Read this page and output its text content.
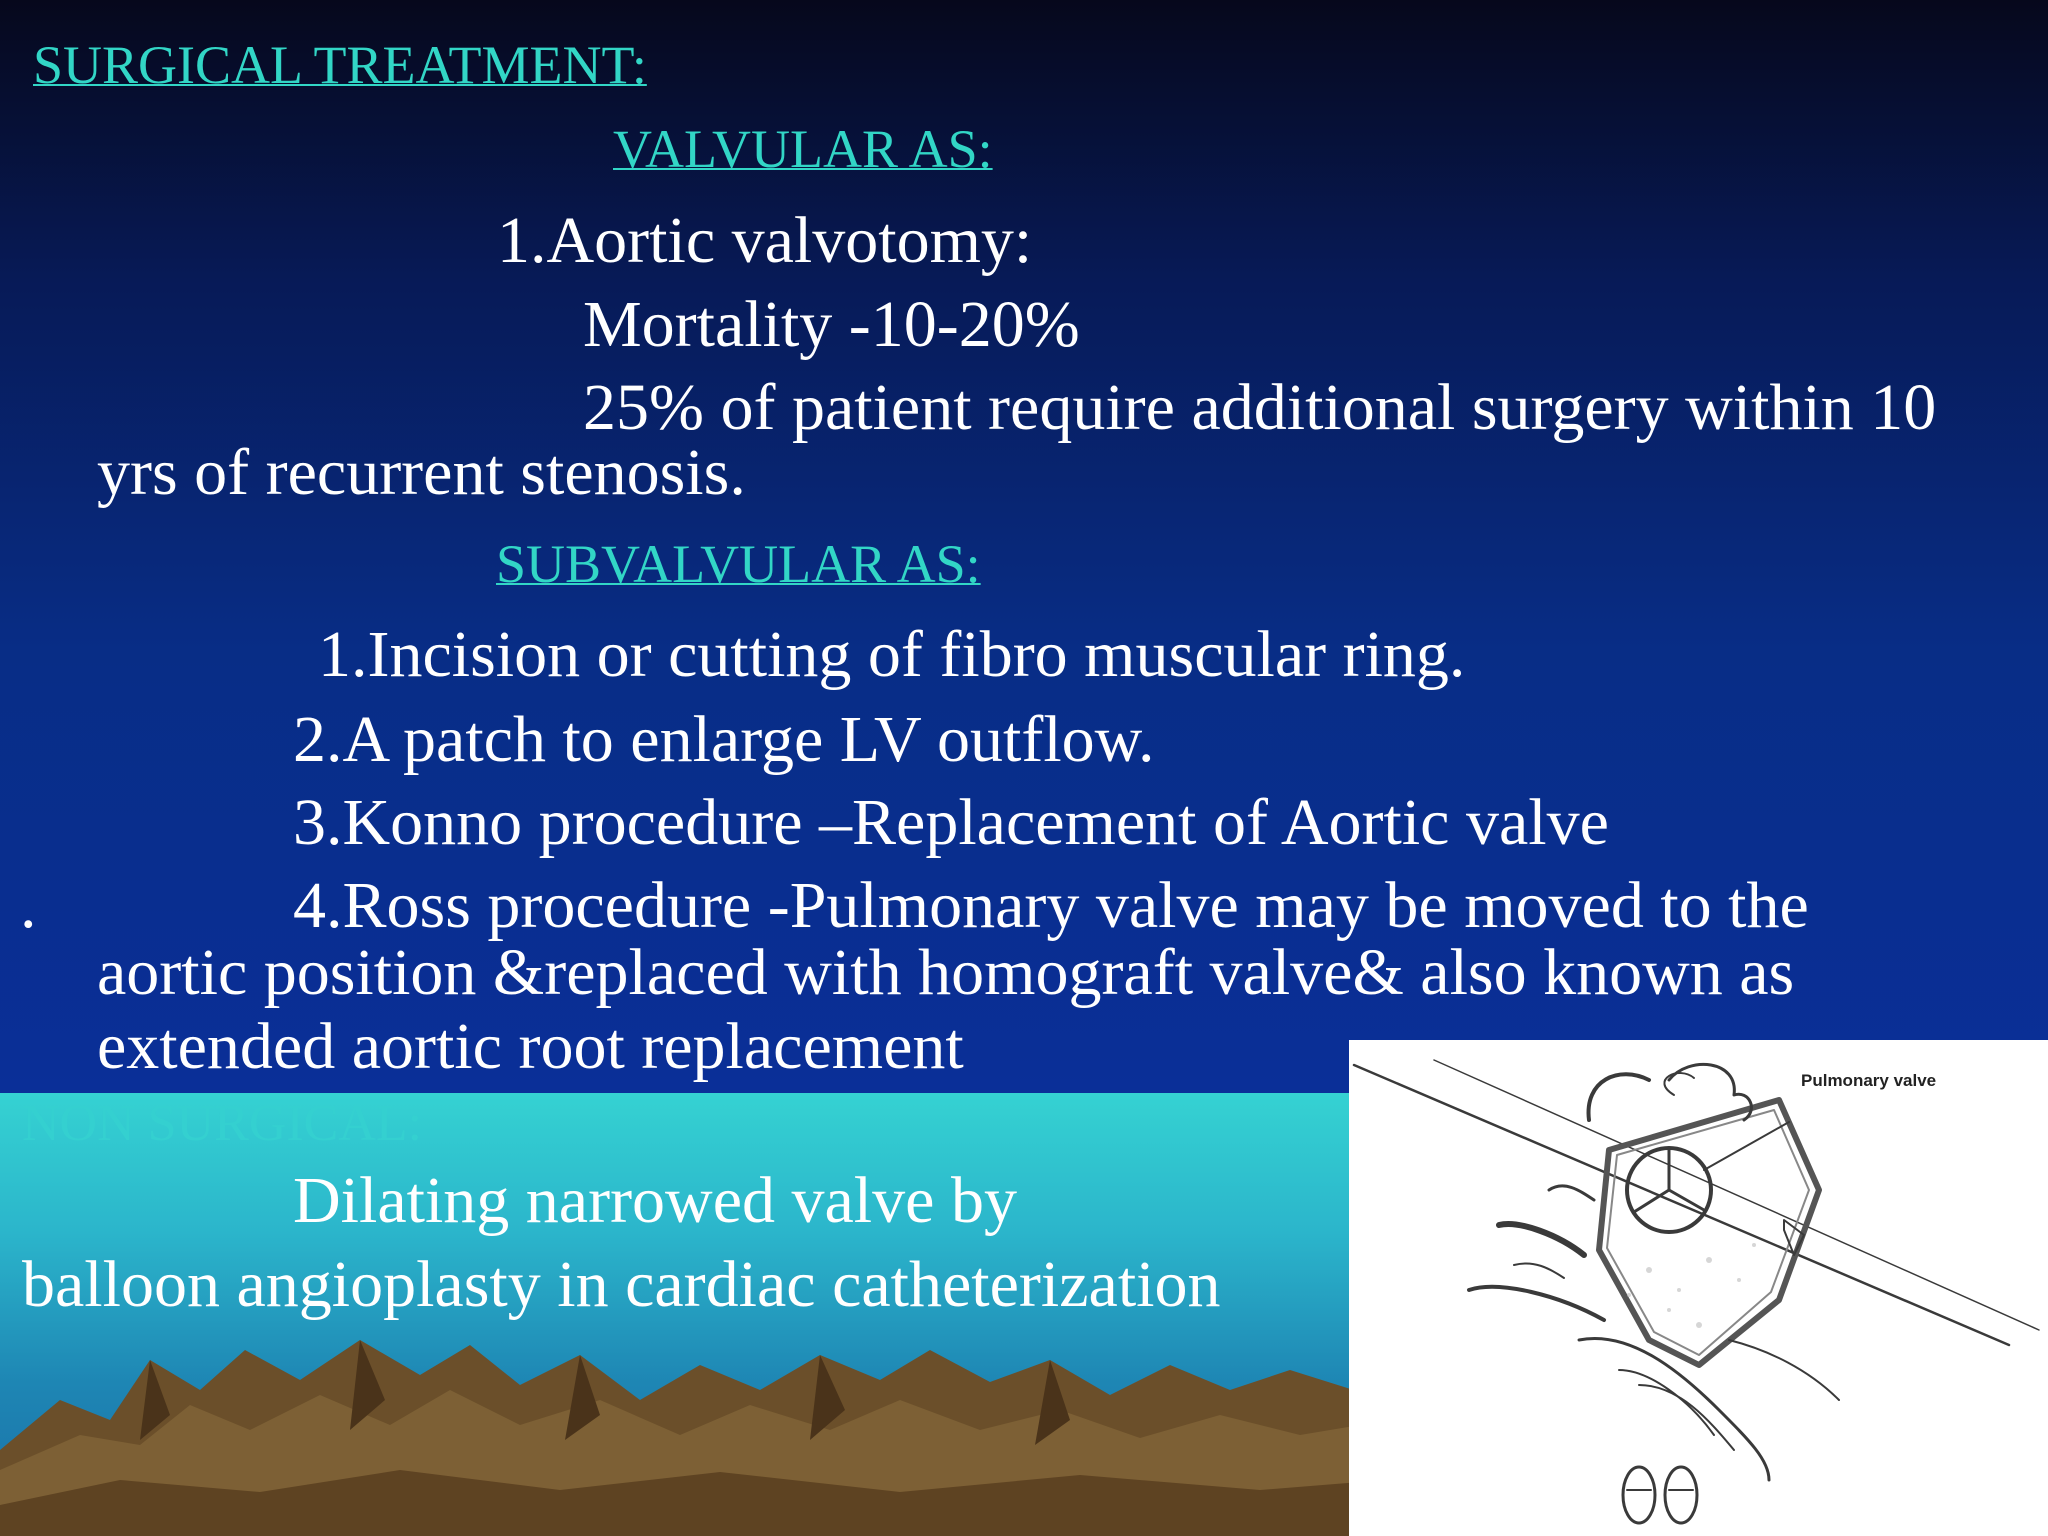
SURGICAL TREATMENT:

VALVULAR AS:

1.Aortic valvotomy:

Mortality -10-20%

25% of patient require additional surgery within 10

yrs of recurrent stenosis.

SUBVALVULAR AS:

1.Incision or cutting of fibro muscular ring.

2.A patch to enlarge LV outflow.

3.Konno procedure –Replacement of Aortic valve

.	4.Ross procedure -Pulmonary valve may be moved to the

aortic position &replaced with homograft valve& also known as

extended aortic root replacement

NON SURGICAL:

Dilating narrowed valve by

balloon angioplasty in cardiac catheterization

Pulmonary valve
